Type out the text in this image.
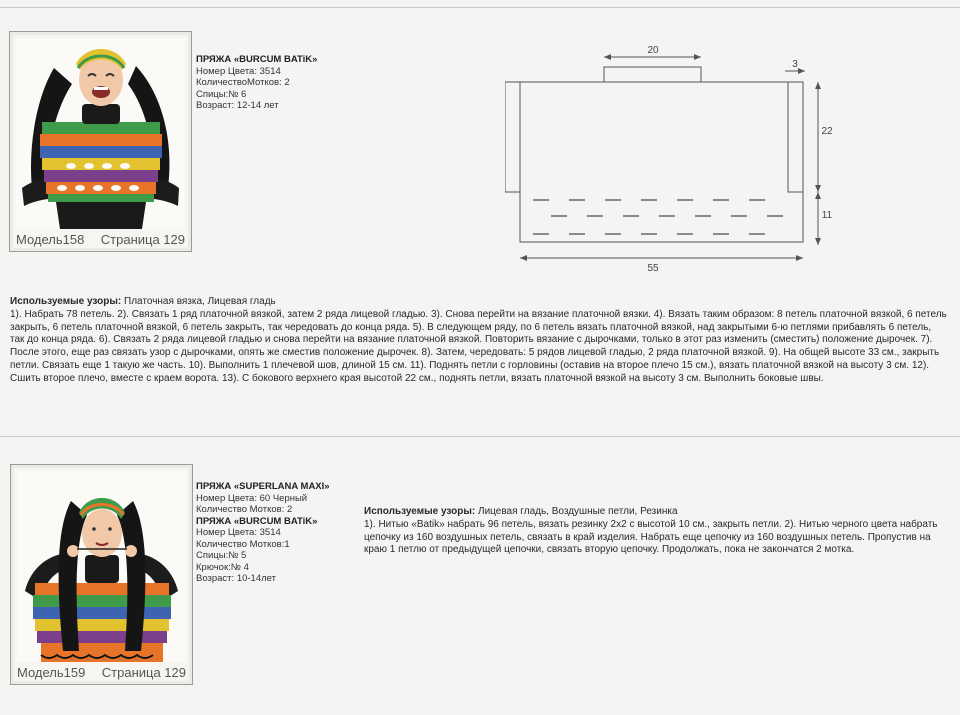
Модель158 Страница 129
ПРЯЖА «BURCUM BATiK»
Номер Цвета: 3514
КоличествоМотков: 2
Спицы:№ 6
Возраст: 12-14 лет
20
3
22
11
55
Используемые узоры: Платочная вязка, Лицевая гладь
1). Набрать 78 петель. 2). Связать 1 ряд платочной вязкой, затем 2 ряда лицевой гладью. 3). Снова перейти на вязание платочной вязки. 4). Вязать таким образом: 8 петель платочной вязкой, 6 петель закрыть, 6 петель платочной вязкой, 6 петель закрыть, так чередовать до конца ряда. 5). В следующем ряду, по 6 петель вязать платочной вязкой, над закрытыми 6-ю петлями прибавлять 6 петель, так до конца ряда. 6). Связать 2 ряда лицевой гладью и снова перейти на вязание платочной вязкой. Повторить вязание с дырочками, только в этот раз изменить (сместить) положение дырочек. 7). После этого, еще раз связать узор с дырочками, опять же сместив положение дырочек. 8). Затем, чередовать: 5 рядов лицевой гладью, 2 ряда платочной вязкой. 9). На общей высоте 33 см., закрыть петли. Связать еще 1 такую же часть. 10). Выполнить 1 плечевой шов, длиной 15 см. 11). Поднять петли с горловины (оставив на второе плечо 15 см.), вязать платочной вязкой на высоту 3 см. 12). Сшить второе плечо, вместе с краем ворота. 13). С бокового верхнего края высотой 22 см., поднять петли, вязать платочной вязкой на высоту 3 см. Выполнить боковые швы.
Модель159 Страница 129
ПРЯЖА «SUPERLANA MAXI»
Номер Цвета: 60 Черный
Количество Мотков: 2
ПРЯЖА «BURCUM BATiK»
Номер Цвета: 3514
Количество Мотков:1
Спицы:№ 5
Крючок:№ 4
Возраст: 10-14лет
Используемые узоры: Лицевая гладь, Воздушные петли, Резинка
1). Нитью «Batik» набрать 96 петель, вязать резинку 2x2 с высотой 10 см., закрыть петли. 2). Нитью черного цвета набрать цепочку из 160 воздушных петель, связать в край изделия. Набрать еще цепочку из 160 воздушных петель. Пропустив на краю 1 петлю от предыдущей цепочки, связать вторую цепочку. Продолжать, пока не закончатся 2 мотка.
